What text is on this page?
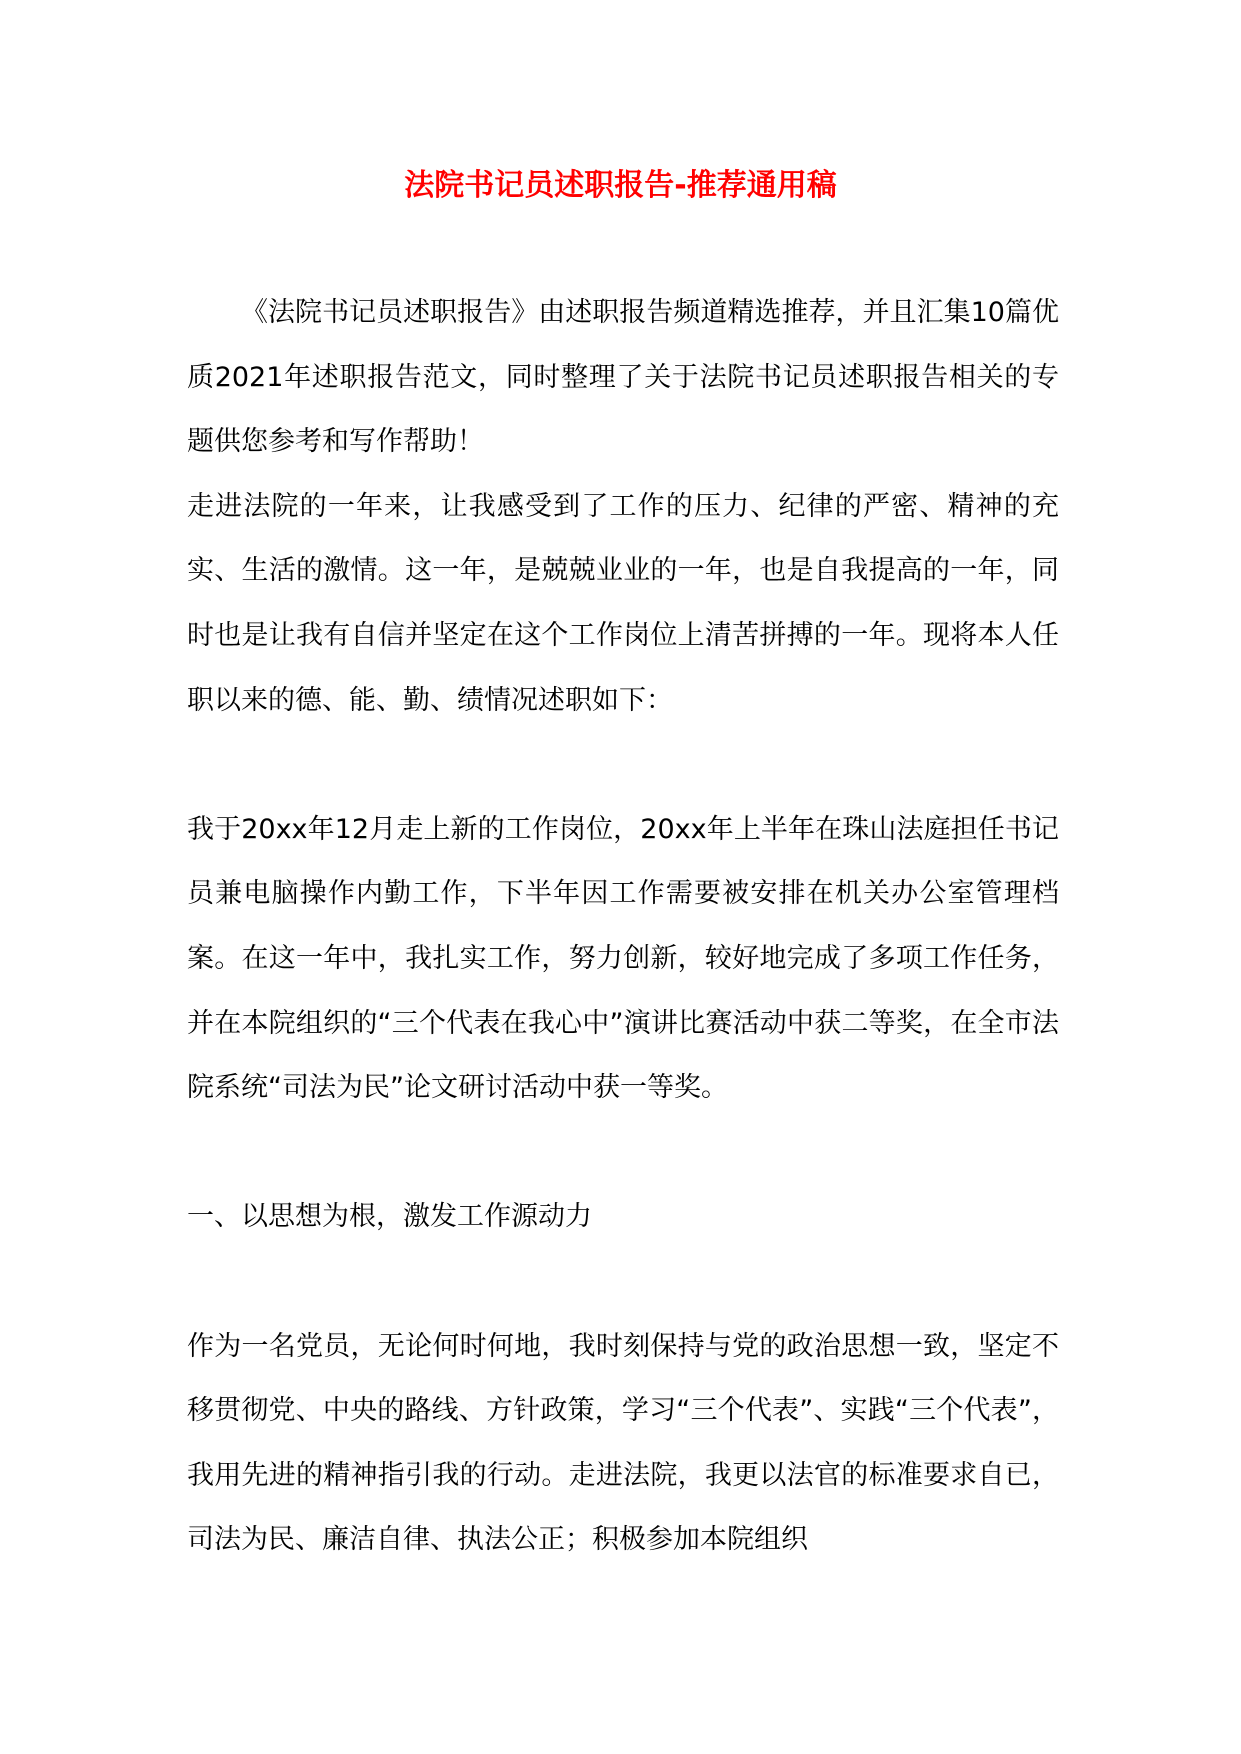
法院书记员述职报告-推荐通用稿

《法院书记员述职报告》由述职报告频道精选推荐，并且汇集10篇优质2021年述职报告范文，同时整理了关于法院书记员述职报告相关的专题供您参考和写作帮助！

走进法院的一年来，让我感受到了工作的压力、纪律的严密、精神的充实、生活的激情。这一年，是兢兢业业的一年，也是自我提高的一年，同时也是让我有自信并坚定在这个工作岗位上清苦拼搏的一年。现将本人任职以来的德、能、勤、绩情况述职如下：

我于20xx年12月走上新的工作岗位，20xx年上半年在珠山法庭担任书记员兼电脑操作内勤工作，下半年因工作需要被安排在机关办公室管理档案。在这一年中，我扎实工作，努力创新，较好地完成了多项工作任务，并在本院组织的“三个代表在我心中”演讲比赛活动中获二等奖，在全市法院系统“司法为民”论文研讨活动中获一等奖。

一、以思想为根，激发工作源动力

作为一名党员，无论何时何地，我时刻保持与党的政治思想一致，坚定不移贯彻党、中央的路线、方针政策，学习“三个代表”、实践“三个代表”，我用先进的精神指引我的行动。走进法院，我更以法官的标准要求自已，司法为民、廉洁自律、执法公正；积极参加本院组织
